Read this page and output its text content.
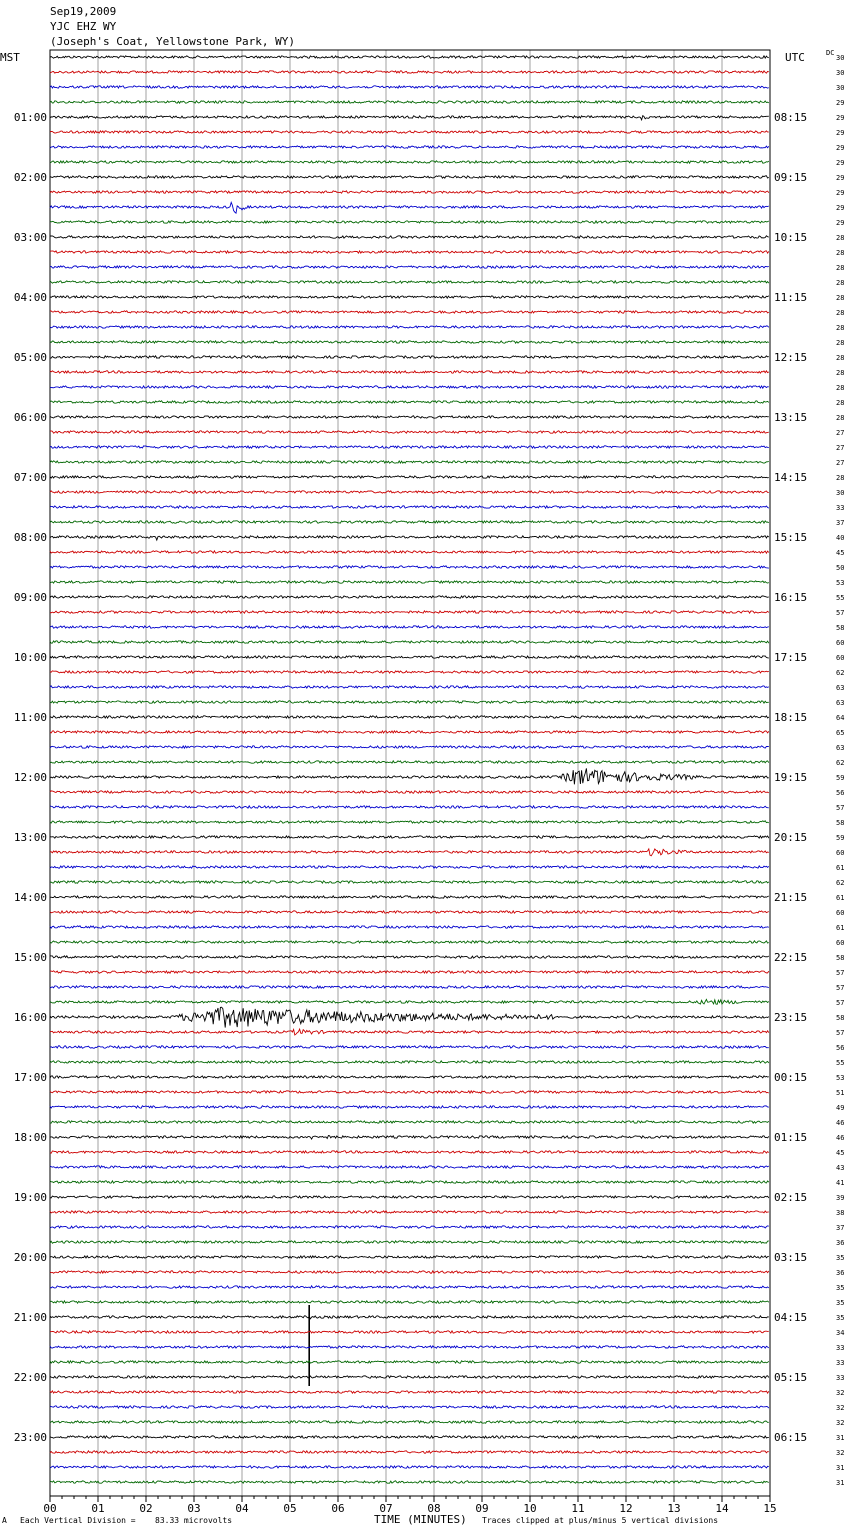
Sep19,2009
YJC EHZ WY
(Joseph's Coat, Yellowstone Park, WY)
MST	UTC	DC
30
30
30
29
29
29
29
29
29
29
29
29
28
28
28
28
28
28
28
28
28
28
28
28
28
27
27
27
28
30
33
37
40
45
50
53
55
57
58
60
60
62
63
63
64
65
63
62
59
56
57
58
59
60
61
62
61
60
61
60
58
57
57
57
58
57
56
55
53
51
49
46
46
45
43
41
39
38
37
36
35
36
35
35
35
34
33
33
33
32
32
32
31
32
31
31
01:00
02:00
03:00
04:00
05:00
06:00
07:00
08:00
09:00
10:00
11:00
12:00
13:00
14:00
15:00
16:00
17:00
18:00
19:00
20:00
21:00
22:00
23:00
08:15
09:15
10:15
11:15
12:15
13:15
14:15
15:15
16:15
17:15
18:15
19:15
20:15
21:15
22:15
23:15
00:15
01:15
02:15
03:15
04:15
05:15
06:15
00	01	02	03	04	05	06	07	08	09	10	11	12	13	14	15
A Each Vertical Division = 83.33 microvolts	TIME (MINUTES) Traces clipped at plus/minus 5 vertical divisions
